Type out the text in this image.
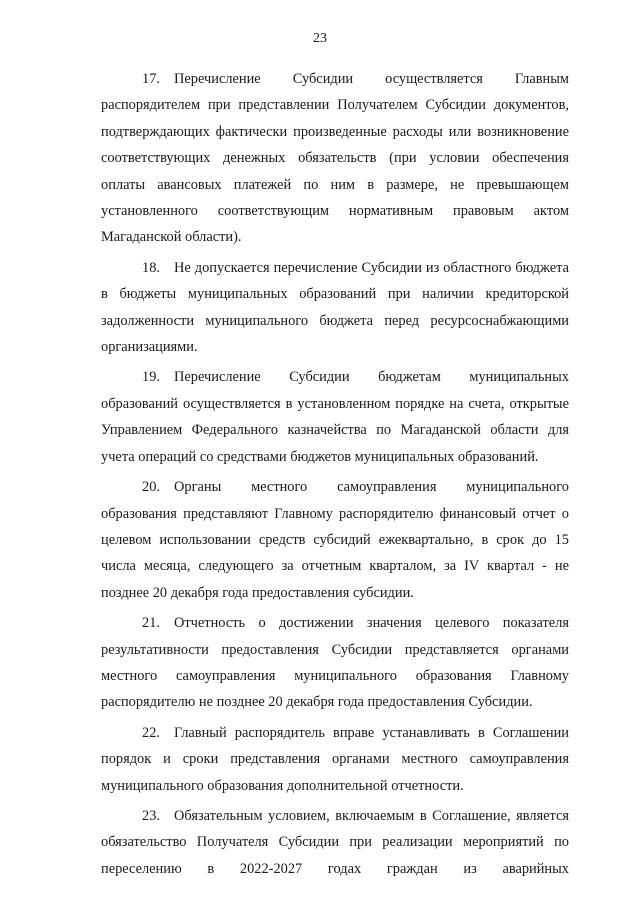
23

17. Перечисление Субсидии осуществляется Главным распорядителем при представлении Получателем Субсидии документов, подтверждающих фактически произведенные расходы или возникновение соответствующих денежных обязательств (при условии обеспечения оплаты авансовых платежей по ним в размере, не превышающем установленного соответствующим нормативным правовым актом Магаданской области).

18. Не допускается перечисление Субсидии из областного бюджета в бюджеты муниципальных образований при наличии кредиторской задолженности муниципального бюджета перед ресурсоснабжающими организациями.

19. Перечисление Субсидии бюджетам муниципальных образований осуществляется в установленном порядке на счета, открытые Управлением Федерального казначейства по Магаданской области для учета операций со средствами бюджетов муниципальных образований.

20. Органы местного самоуправления муниципального образования представляют Главному распорядителю финансовый отчет о целевом использовании средств субсидий ежеквартально, в срок до 15 числа месяца, следующего за отчетным кварталом, за IV квартал - не позднее 20 декабря года предоставления субсидии.

21. Отчетность о достижении значения целевого показателя результативности предоставления Субсидии представляется органами местного самоуправления муниципального образования Главному распорядителю не позднее 20 декабря года предоставления Субсидии.

22. Главный распорядитель вправе устанавливать в Соглашении порядок и сроки представления органами местного самоуправления муниципального образования дополнительной отчетности.

23. Обязательным условием, включаемым в Соглашение, является обязательство Получателя Субсидии при реализации мероприятий по переселению в 2022-2027 годах граждан из аварийных
